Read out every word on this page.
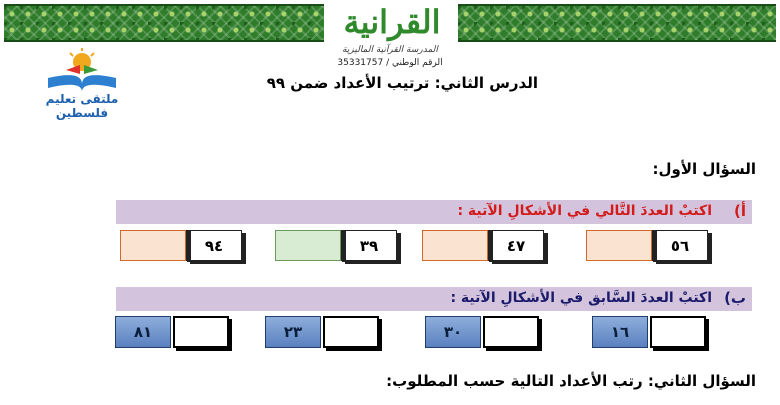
القرانية
المدرسة القرآنية الماليزية
الرقم الوطني / 35331757
ملتقى تعليم فلسطين
الدرس الثاني: ترتيب الأعداد ضمن ٩٩
السؤال الأول:
أ)
اكتبْ العددَ التَّالي في الأشكالِ الآتية :
٩٤	٣٩	٤٧	٥٦
ب)
اكتبْ العددَ السَّابق في الأشكالِ الآتية :
٨١	٢٣	٣٠	١٦
السؤال الثاني: رتب الأعداد التالية حسب المطلوب:
